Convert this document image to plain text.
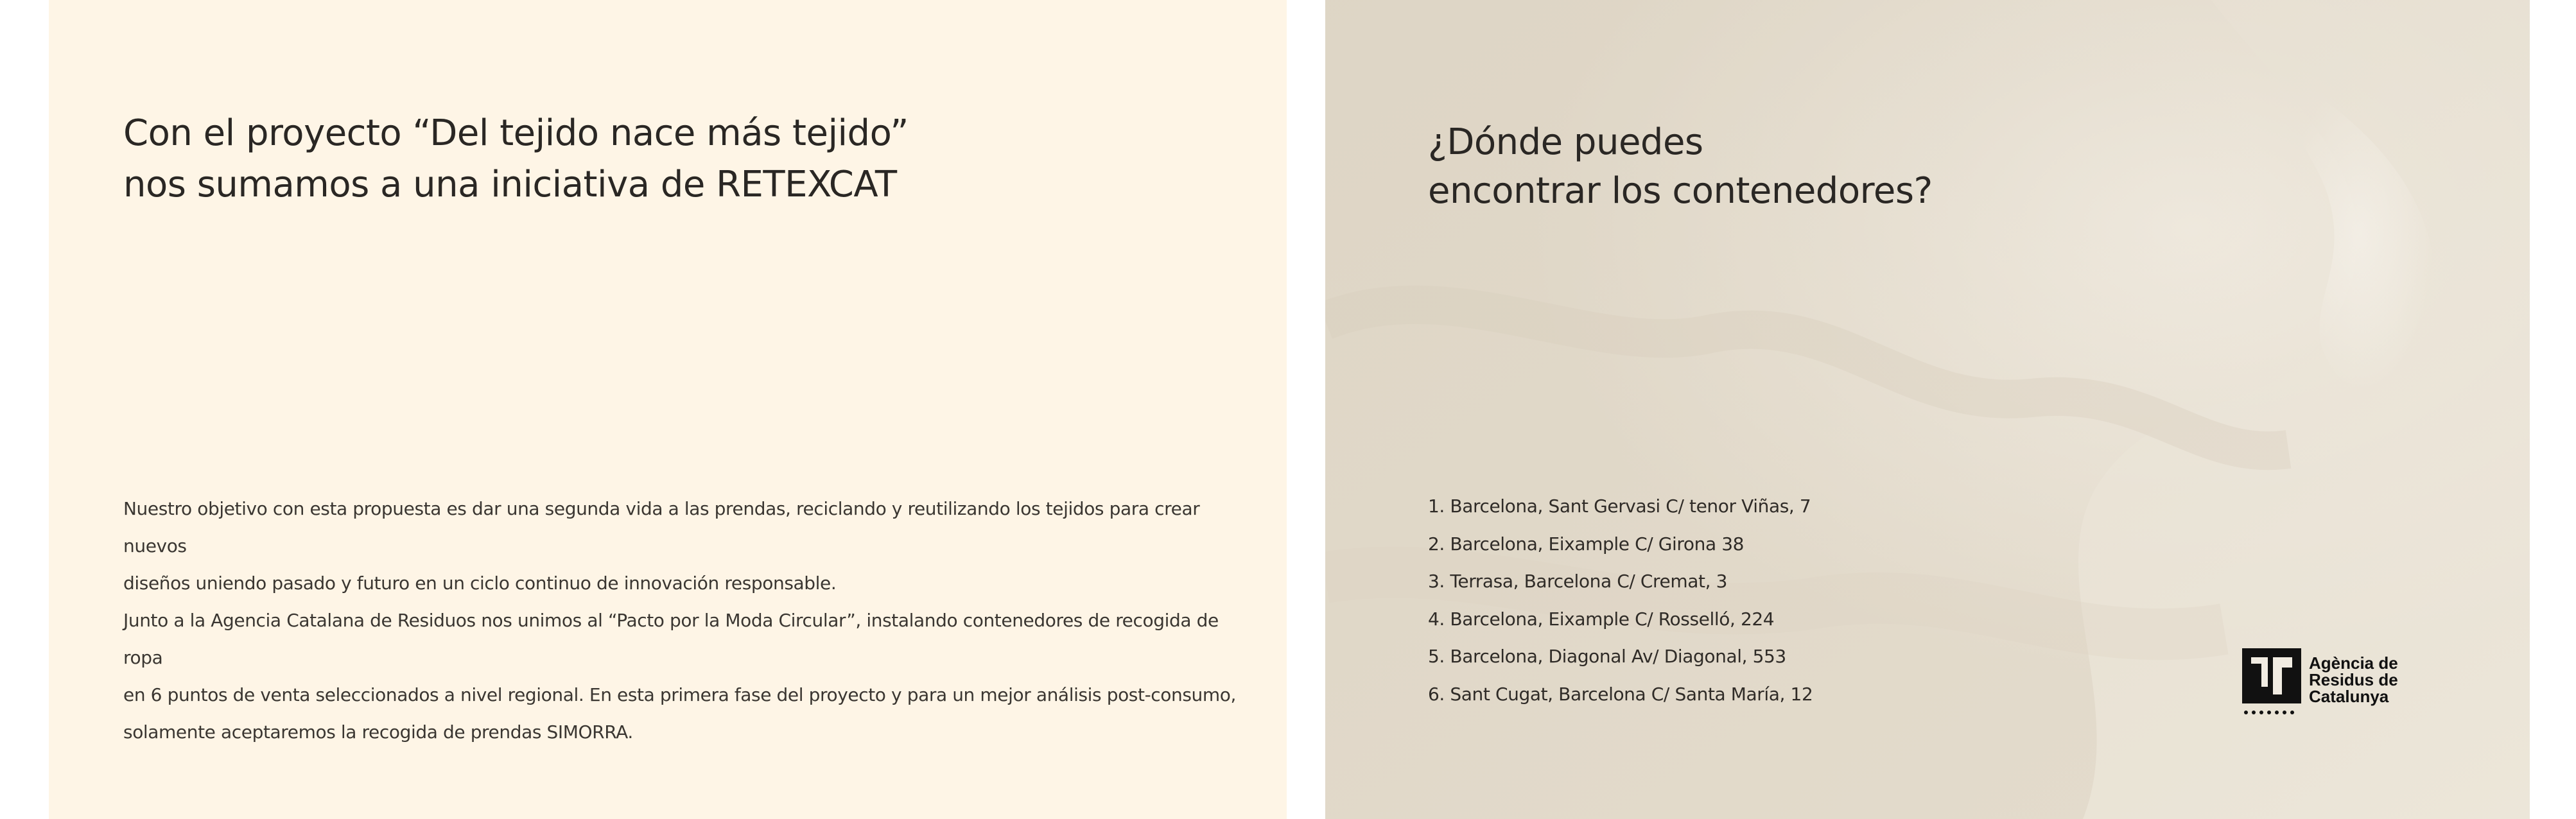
Con el proyecto “Del tejido nace más tejido”
nos sumamos a una iniciativa de RETEXCAT

Nuestro objetivo con esta propuesta es dar una segunda vida a las prendas, reciclando y reutilizando los tejidos para crear nuevos
diseños uniendo pasado y futuro en un ciclo continuo de innovación responsable.

Junto a la Agencia Catalana de Residuos nos unimos al “Pacto por la Moda Circular”, instalando contenedores de recogida de ropa
en 6 puntos de venta seleccionados a nivel regional. En esta primera fase del proyecto y para un mejor análisis post-consumo,
solamente aceptaremos la recogida de prendas SIMORRA.

¿Dónde puedes
encontrar los contenedores?
1. Barcelona, Sant Gervasi C/ tenor Viñas, 7
2. Barcelona, Eixample C/ Girona 38
3. Terrasa, Barcelona C/ Cremat, 3
4. Barcelona, Eixample C/ Rosselló, 224
5. Barcelona, Diagonal Av/ Diagonal, 553
6. Sant Cugat, Barcelona C/ Santa María, 12

Agència de
Residus de
Catalunya
